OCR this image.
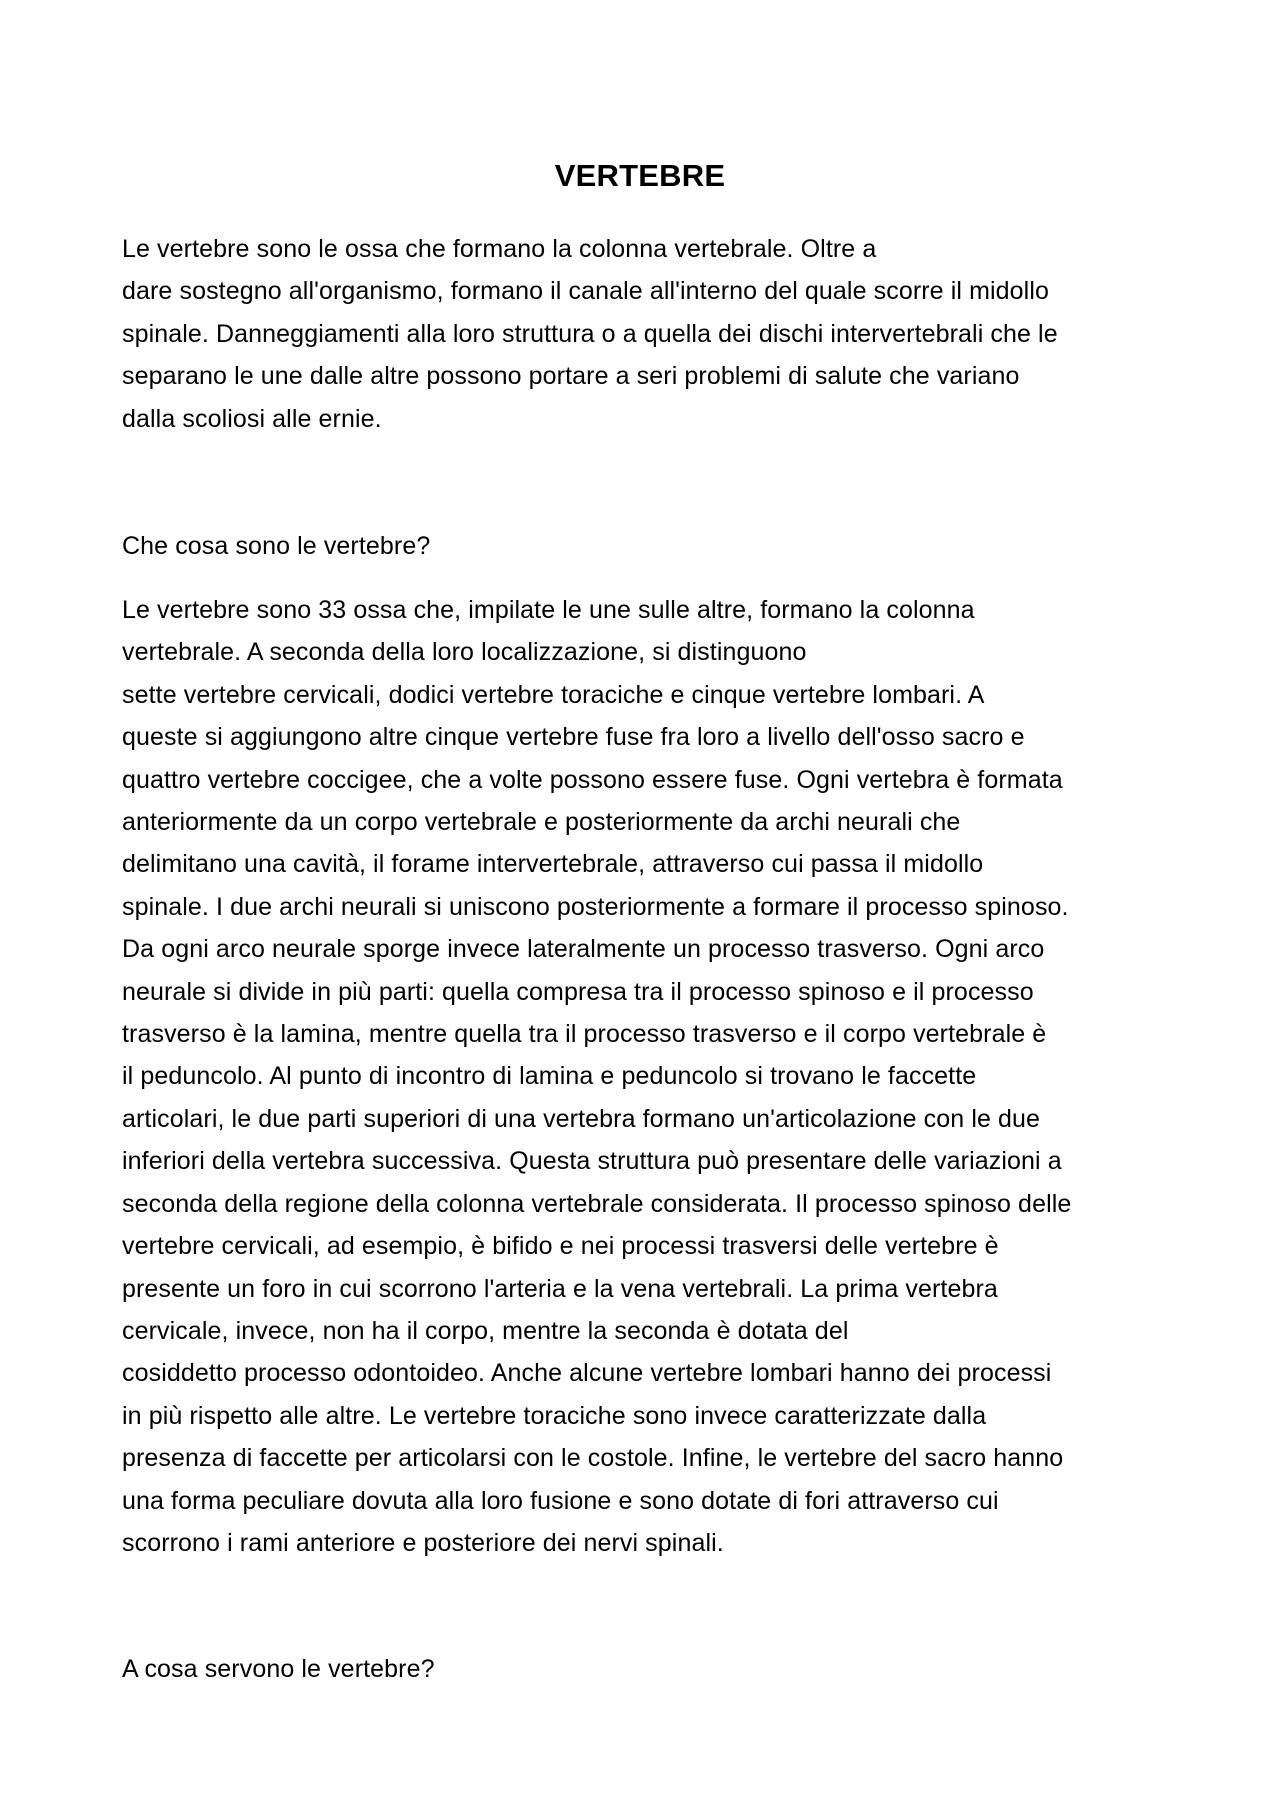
VERTEBRE

Le vertebre sono le ossa che formano la colonna vertebrale. Oltre a
dare sostegno all'organismo, formano il canale all'interno del quale scorre il midollo
spinale. Danneggiamenti alla loro struttura o a quella dei dischi intervertebrali che le
separano le une dalle altre possono portare a seri problemi di salute che variano
dalla scoliosi alle ernie.

Che cosa sono le vertebre?

Le vertebre sono 33 ossa che, impilate le une sulle altre, formano la colonna
vertebrale. A seconda della loro localizzazione, si distinguono
sette vertebre cervicali, dodici vertebre toraciche e cinque vertebre lombari. A
queste si aggiungono altre cinque vertebre fuse fra loro a livello dell'osso sacro e
quattro vertebre coccigee, che a volte possono essere fuse. Ogni vertebra è formata
anteriormente da un corpo vertebrale e posteriormente da archi neurali che
delimitano una cavità, il forame intervertebrale, attraverso cui passa il midollo
spinale. I due archi neurali si uniscono posteriormente a formare il processo spinoso.
Da ogni arco neurale sporge invece lateralmente un processo trasverso. Ogni arco
neurale si divide in più parti: quella compresa tra il processo spinoso e il processo
trasverso è la lamina, mentre quella tra il processo trasverso e il corpo vertebrale è
il peduncolo. Al punto di incontro di lamina e peduncolo si trovano le faccette
articolari, le due parti superiori di una vertebra formano un'articolazione con le due
inferiori della vertebra successiva. Questa struttura può presentare delle variazioni a
seconda della regione della colonna vertebrale considerata. Il processo spinoso delle
vertebre cervicali, ad esempio, è bifido e nei processi trasversi delle vertebre è
presente un foro in cui scorrono l'arteria e la vena vertebrali. La prima vertebra
cervicale, invece, non ha il corpo, mentre la seconda è dotata del
cosiddetto processo odontoideo. Anche alcune vertebre lombari hanno dei processi
in più rispetto alle altre. Le vertebre toraciche sono invece caratterizzate dalla
presenza di faccette per articolarsi con le costole. Infine, le vertebre del sacro hanno
una forma peculiare dovuta alla loro fusione e sono dotate di fori attraverso cui
scorrono i rami anteriore e posteriore dei nervi spinali.

A cosa servono le vertebre?
